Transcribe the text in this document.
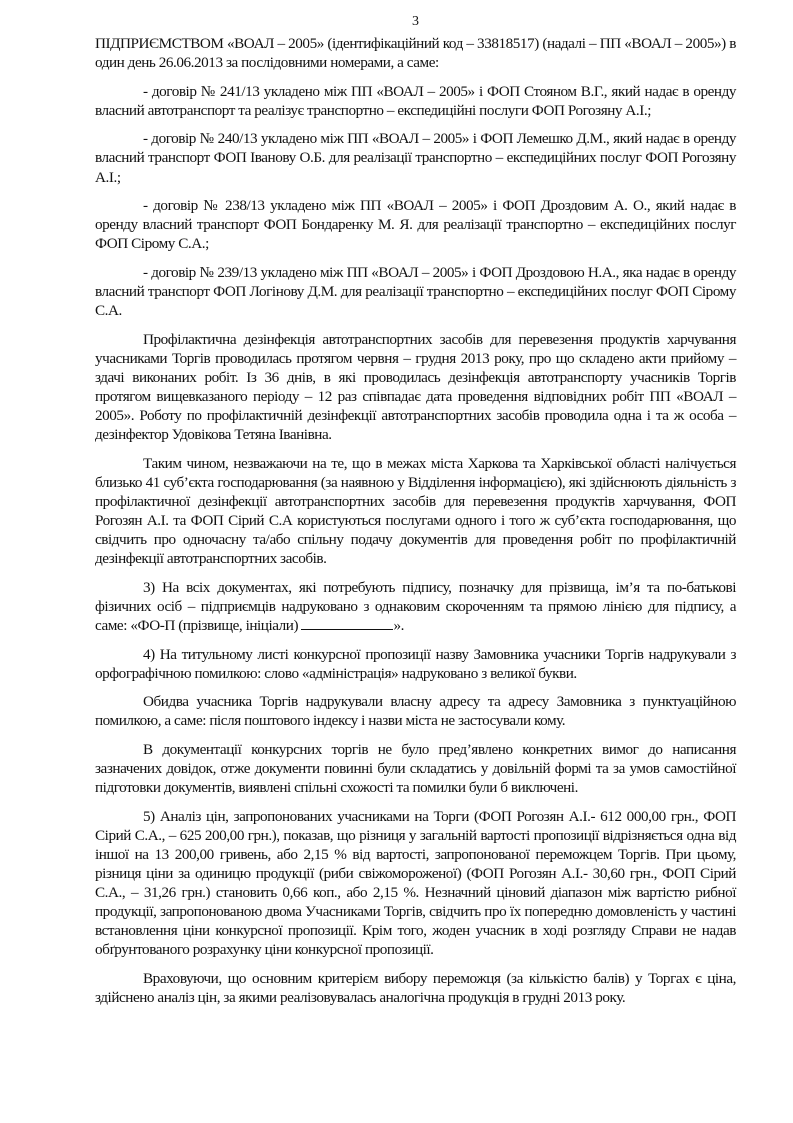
3

ПІДПРИЄМСТВОМ «ВОАЛ – 2005» (ідентифікаційний код – 33818517) (надалі – ПП «ВОАЛ – 2005») в один день 26.06.2013 за послідовними номерами, а саме:

- договір № 241/13 укладено між ПП «ВОАЛ – 2005» і ФОП Стояном В.Г., який надає в оренду власний автотранспорт та реалізує транспортно – експедиційні послуги ФОП Рогозяну А.І.;

- договір № 240/13 укладено між ПП «ВОАЛ – 2005» і ФОП Лемешко Д.М., який надає в оренду власний транспорт ФОП Іванову О.Б. для реалізації транспортно – експедиційних послуг ФОП Рогозяну А.І.;

- договір № 238/13 укладено між ПП «ВОАЛ – 2005» і ФОП Дроздовим А. О., який надає в оренду власний транспорт ФОП Бондаренку М. Я. для реалізації транспортно – експедиційних послуг ФОП Сірому С.А.;

- договір № 239/13 укладено між ПП «ВОАЛ – 2005» і ФОП Дроздовою Н.А., яка надає в оренду власний транспорт ФОП Логінову Д.М. для реалізації транспортно – експедиційних послуг ФОП Сірому С.А.

Профілактична дезінфекція автотранспортних засобів для перевезення продуктів харчування учасниками Торгів проводилась протягом червня – грудня 2013 року, про що складено акти прийому – здачі виконаних робіт. Із 36 днів, в які проводилась дезінфекція автотранспорту учасників Торгів протягом вищевказаного періоду – 12 раз співпадає дата проведення відповідних робіт ПП «ВОАЛ – 2005». Роботу по профілактичній дезінфекції автотранспортних засобів проводила одна і та ж особа – дезінфектор Удовікова Тетяна Іванівна.

Таким чином, незважаючи на те, що в межах міста Харкова та Харківської області налічується близько 41 суб’єкта господарювання (за наявною у Відділення інформацією), які здійснюють діяльність з профілактичної дезінфекції автотранспортних засобів для перевезення продуктів харчування, ФОП Рогозян А.І. та ФОП Сірий С.А користуються послугами одного і того ж суб’єкта господарювання, що свідчить про одночасну та/або спільну подачу документів для проведення робіт по профілактичній дезінфекції автотранспортних засобів.

3) На всіх документах, які потребують підпису, позначку для прізвища, ім’я та по-батькові фізичних осіб – підприємців надруковано з однаковим скороченням та прямою лінією для підпису, а саме: «ФО-П (прізвище, ініціали)	».

4) На титульному листі конкурсної пропозиції назву Замовника учасники Торгів надрукували з орфографічною помилкою: слово «адміністрація» надруковано з великої букви.

Обидва учасника Торгів надрукували власну адресу та адресу Замовника з пунктуаційною помилкою, а саме: після поштового індексу і назви міста не застосували кому.

В документації конкурсних торгів не було пред’явлено конкретних вимог до написання зазначених довідок, отже документи повинні були складатись у довільній формі та за умов самостійної підготовки документів, виявлені спільні схожості та помилки були б виключені.

5) Аналіз цін, запропонованих учасниками на Торги (ФОП Рогозян А.І.- 612 000,00 грн., ФОП Сірий С.А., – 625 200,00 грн.), показав, що різниця у загальній вартості пропозиції відрізняється одна від іншої на 13 200,00 гривень, або 2,15 % від вартості, запропонованої переможцем Торгів. При цьому, різниця ціни за одиницю продукції (риби свіжомороженої) (ФОП Рогозян А.І.- 30,60 грн., ФОП Сірий С.А., – 31,26 грн.) становить 0,66 коп., або 2,15 %. Незначний ціновий діапазон між вартістю рибної продукції, запропонованою двома Учасниками Торгів, свідчить про їх попередню домовленість у частині встановлення ціни конкурсної пропозиції. Крім того, жоден учасник в ході розгляду Справи не надав обґрунтованого розрахунку ціни конкурсної пропозиції.

Враховуючи, що основним критерієм вибору переможця (за кількістю балів) у Торгах є ціна, здійснено аналіз цін, за якими реалізовувалась аналогічна продукція в грудні 2013 року.
